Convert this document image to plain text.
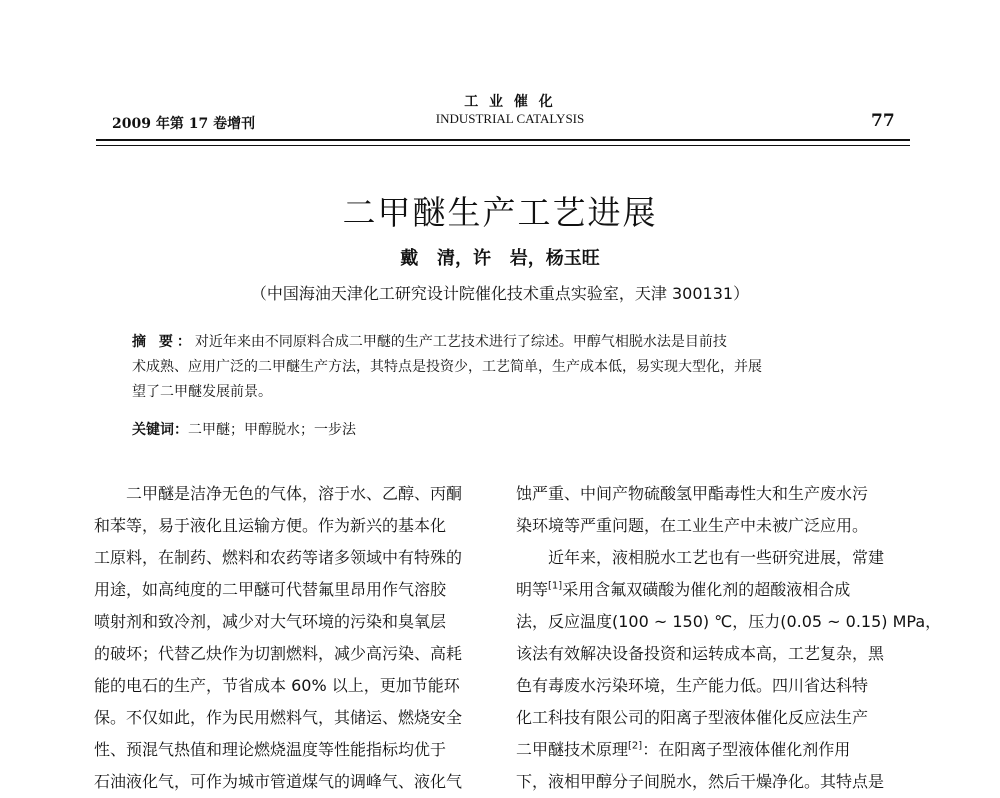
2009 年第 17 卷增刊
工 业 催 化
INDUSTRIAL CATALYSIS	77
二甲醚生产工艺进展
戴   清，许   岩，杨玉旺
（中国海油天津化工研究设计院催化技术重点实验室，天津 300131）
摘 要：对近年来由不同原料合成二甲醚的生产工艺技术进行了综述。甲醇气相脱水法是目前技
术成熟、应用广泛的二甲醚生产方法，其特点是投资少，工艺简单，生产成本低，易实现大型化，并展
望了二甲醚发展前景。
关键词：二甲醚；甲醇脱水；一步法
二甲醚是洁净无色的气体，溶于水、乙醇、丙酮
和苯等，易于液化且运输方便。作为新兴的基本化
工原料，在制药、燃料和农药等诸多领域中有特殊的
用途，如高纯度的二甲醚可代替氟里昂用作气溶胶
喷射剂和致冷剂，减少对大气环境的污染和臭氧层
的破坏；代替乙炔作为切割燃料，减少高污染、高耗
能的电石的生产，节省成本 60% 以上，更加节能环
保。不仅如此，作为民用燃料气，其储运、燃烧安全
性、预混气热值和理论燃烧温度等性能指标均优于
石油液化气，可作为城市管道煤气的调峰气、液化气
蚀严重、中间产物硫酸氢甲酯毒性大和生产废水污
染环境等严重问题，在工业生产中未被广泛应用。
近年来，液相脱水工艺也有一些研究进展，常建
明等[1]采用含氟双磺酸为催化剂的超酸液相合成
法，反应温度(100 ~ 150) ℃，压力(0.05 ~ 0.15) MPa，
该法有效解决设备投资和运转成本高，工艺复杂，黑
色有毒废水污染环境，生产能力低。四川省达科特
化工科技有限公司的阳离子型液体催化反应法生产
二甲醚技术原理[2]：在阳离子型液体催化剂作用
下，液相甲醇分子间脱水，然后干燥净化。其特点是
